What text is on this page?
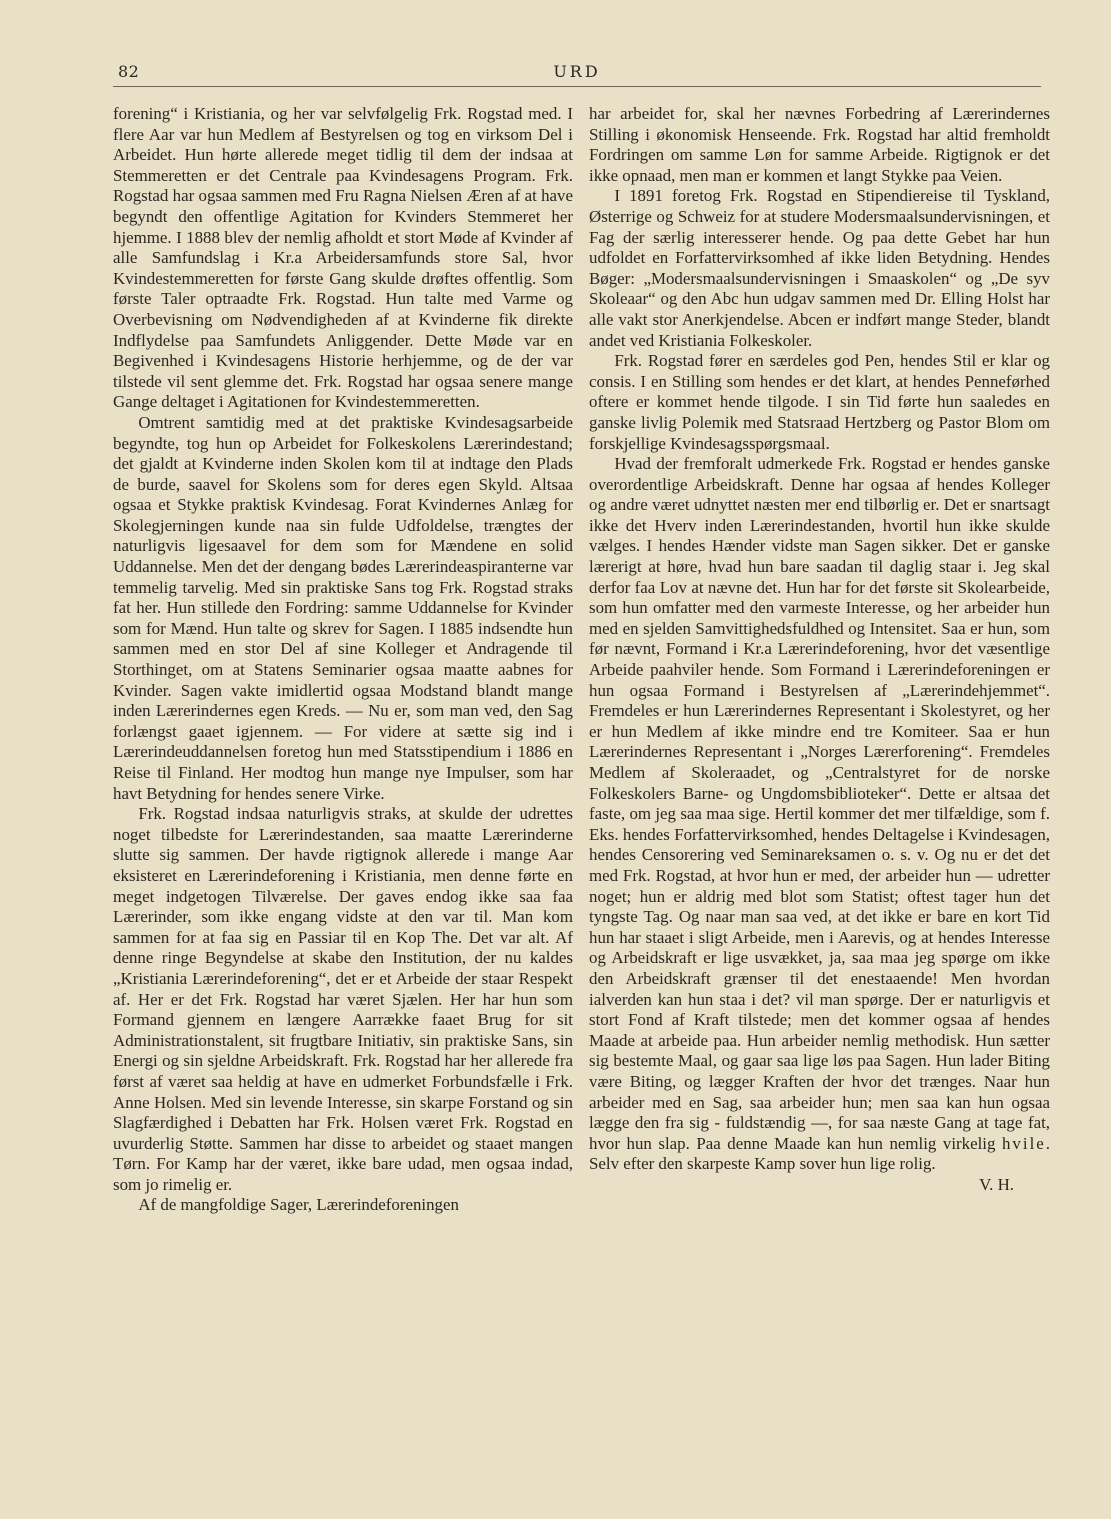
82	URD

forening“ i Kristiania, og her var selvfølgelig Frk. Rogstad med. I flere Aar var hun Medlem af Bestyrelsen og tog en virksom Del i Arbeidet. Hun hørte allerede meget tidlig til dem der indsaa at Stemmeretten er det Centrale paa Kvindesagens Program. Frk. Rogstad har ogsaa sammen med Fru Ragna Nielsen Æren af at have begyndt den offentlige Agitation for Kvinders Stemmeret her hjemme. I 1888 blev der nemlig afholdt et stort Møde af Kvinder af alle Samfundslag i Kr.a Arbeidersamfunds store Sal, hvor Kvindestemmeretten for første Gang skulde drøftes offentlig. Som første Taler optraadte Frk. Rogstad. Hun talte med Varme og Overbevisning om Nødvendigheden af at Kvinderne fik direkte Indflydelse paa Samfundets Anliggender. Dette Møde var en Begivenhed i Kvindesagens Historie herhjemme, og de der var tilstede vil sent glemme det. Frk. Rogstad har ogsaa senere mange Gange deltaget i Agitationen for Kvindestemmeretten.

Omtrent samtidig med at det praktiske Kvindesagsarbeide begyndte, tog hun op Arbeidet for Folkeskolens Lærerindestand; det gjaldt at Kvinderne inden Skolen kom til at indtage den Plads de burde, saavel for Skolens som for deres egen Skyld. Altsaa ogsaa et Stykke praktisk Kvindesag. Forat Kvindernes Anlæg for Skolegjerningen kunde naa sin fulde Udfoldelse, trængtes der naturligvis ligesaavel for dem som for Mændene en solid Uddannelse. Men det der dengang bødes Lærerindeaspiranterne var temmelig tarvelig. Med sin praktiske Sans tog Frk. Rogstad straks fat her. Hun stillede den Fordring: samme Uddannelse for Kvinder som for Mænd. Hun talte og skrev for Sagen. I 1885 indsendte hun sammen med en stor Del af sine Kolleger et Andragende til Storthinget, om at Statens Seminarier ogsaa maatte aabnes for Kvinder. Sagen vakte imidlertid ogsaa Modstand blandt mange inden Lærerindernes egen Kreds. — Nu er, som man ved, den Sag forlængst gaaet igjennem. — For videre at sætte sig ind i Lærerindeuddannelsen foretog hun med Statsstipendium i 1886 en Reise til Finland. Her modtog hun mange nye Impulser, som har havt Betydning for hendes senere Virke.

Frk. Rogstad indsaa naturligvis straks, at skulde der udrettes noget tilbedste for Lærerindestanden, saa maatte Lærerinderne slutte sig sammen. Der havde rigtignok allerede i mange Aar eksisteret en Lærerindeforening i Kristiania, men denne førte en meget indgetogen Tilværelse. Der gaves endog ikke saa faa Lærerinder, som ikke engang vidste at den var til. Man kom sammen for at faa sig en Passiar til en Kop The. Det var alt. Af denne ringe Begyndelse at skabe den Institution, der nu kaldes „Kristiania Lærerindeforening“, det er et Arbeide der staar Respekt af. Her er det Frk. Rogstad har været Sjælen. Her har hun som Formand gjennem en længere Aarrække faaet Brug for sit Administrationstalent, sit frugtbare Initiativ, sin praktiske Sans, sin Energi og sin sjeldne Arbeidskraft. Frk. Rogstad har her allerede fra først af været saa heldig at have en udmerket Forbundsfælle i Frk. Anne Holsen. Med sin levende Interesse, sin skarpe Forstand og sin Slagfærdighed i Debatten har Frk. Holsen været Frk. Rogstad en uvurderlig Støtte. Sammen har disse to arbeidet og staaet mangen Tørn. For Kamp har der været, ikke bare udad, men ogsaa indad, som jo rimelig er.

Af de mangfoldige Sager, Lærerindeforeningen

har arbeidet for, skal her nævnes Forbedring af Lærerindernes Stilling i økonomisk Henseende. Frk. Rogstad har altid fremholdt Fordringen om samme Løn for samme Arbeide. Rigtignok er det ikke opnaad, men man er kommen et langt Stykke paa Veien.

I 1891 foretog Frk. Rogstad en Stipendiereise til Tyskland, Østerrige og Schweiz for at studere Modersmaalsundervisningen, et Fag der særlig interesserer hende. Og paa dette Gebet har hun udfoldet en Forfattervirksomhed af ikke liden Betydning. Hendes Bøger: „Modersmaalsundervisningen i Smaaskolen“ og „De syv Skoleaar“ og den Abc hun udgav sammen med Dr. Elling Holst har alle vakt stor Anerkjendelse. Abcen er indført mange Steder, blandt andet ved Kristiania Folkeskoler.

Frk. Rogstad fører en særdeles god Pen, hendes Stil er klar og consis. I en Stilling som hendes er det klart, at hendes Penneførhed oftere er kommet hende tilgode. I sin Tid førte hun saaledes en ganske livlig Polemik med Statsraad Hertzberg og Pastor Blom om forskjellige Kvindesagsspørgsmaal.

Hvad der fremforalt udmerkede Frk. Rogstad er hendes ganske overordentlige Arbeidskraft. Denne har ogsaa af hendes Kolleger og andre været udnyttet næsten mer end tilbørlig er. Det er snartsagt ikke det Hverv inden Lærerindestanden, hvortil hun ikke skulde vælges. I hendes Hænder vidste man Sagen sikker. Det er ganske lærerigt at høre, hvad hun bare saadan til daglig staar i. Jeg skal derfor faa Lov at nævne det. Hun har for det første sit Skolearbeide, som hun omfatter med den varmeste Interesse, og her arbeider hun med en sjelden Samvittighedsfuldhed og Intensitet. Saa er hun, som før nævnt, Formand i Kr.a Lærerindeforening, hvor det væsentlige Arbeide paahviler hende. Som Formand i Lærerindeforeningen er hun ogsaa Formand i Bestyrelsen af „Lærerindehjemmet“. Fremdeles er hun Lærerindernes Representant i Skolestyret, og her er hun Medlem af ikke mindre end tre Komiteer. Saa er hun Lærerindernes Representant i „Norges Lærerforening“. Fremdeles Medlem af Skoleraadet, og „Centralstyret for de norske Folkeskolers Barne- og Ungdomsbiblioteker“. Dette er altsaa det faste, om jeg saa maa sige. Hertil kommer det mer tilfældige, som f. Eks. hendes Forfattervirksomhed, hendes Deltagelse i Kvindesagen, hendes Censorering ved Seminareksamen o. s. v. Og nu er det det med Frk. Rogstad, at hvor hun er med, der arbeider hun — udretter noget; hun er aldrig med blot som Statist; oftest tager hun det tyngste Tag. Og naar man saa ved, at det ikke er bare en kort Tid hun har staaet i sligt Arbeide, men i Aarevis, og at hendes Interesse og Arbeidskraft er lige usvækket, ja, saa maa jeg spørge om ikke den Arbeidskraft grænser til det enestaaende! Men hvordan ialverden kan hun staa i det? vil man spørge. Der er naturligvis et stort Fond af Kraft tilstede; men det kommer ogsaa af hendes Maade at arbeide paa. Hun arbeider nemlig methodisk. Hun sætter sig bestemte Maal, og gaar saa lige løs paa Sagen. Hun lader Biting være Biting, og lægger Kraften der hvor det trænges. Naar hun arbeider med en Sag, saa arbeider hun; men saa kan hun ogsaa lægge den fra sig - fuldstændig —, for saa næste Gang at tage fat, hvor hun slap. Paa denne Maade kan hun nemlig virkelig hvile. Selv efter den skarpeste Kamp sover hun lige rolig.

V. H.
